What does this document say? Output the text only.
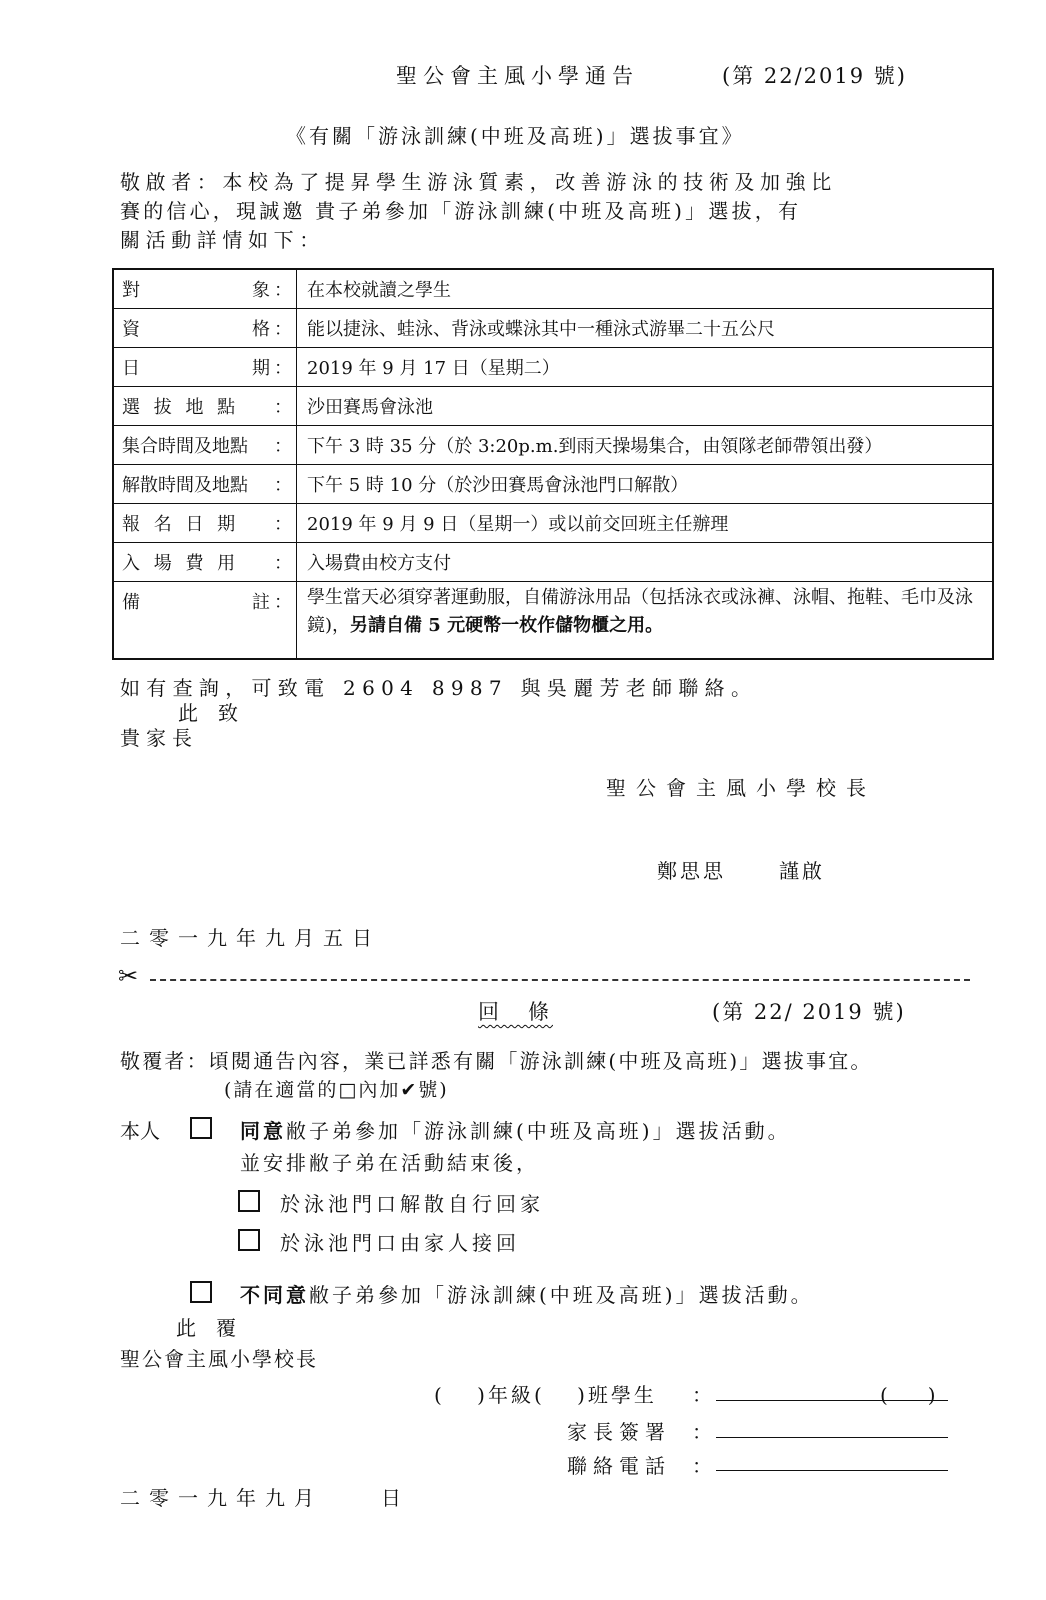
聖公會主風小學通告	(第 22/2019 號)
《有關「游泳訓練(中班及高班)」選拔事宜》
敬啟者：本校為了提昇學生游泳質素，改善游泳的技術及加強比
賽的信心，現誠邀 貴子弟參加「游泳訓練(中班及高班)」選拔，有
關活動詳情如下：
對 象 ：	在本校就讀之學生

資 格 ：	能以捷泳、蛙泳、背泳或蝶泳其中一種泳式游畢二十五公尺

日 期 ：	2019 年 9 月 17 日（星期二）

選 拔 地 點 ：	沙田賽馬會泳池

集合時間及地點 ：	下午 3 時 35 分（於 3:20p.m.到雨天操場集合，由領隊老師帶領出發）

解散時間及地點 ：	下午 5 時 10 分（於沙田賽馬會泳池門口解散）

報 名 日 期 ：	2019 年 9 月 9 日（星期一）或以前交回班主任辦理

入 場 費 用 ：	入場費由校方支付

備 註 ：	學生當天必須穿著運動服，自備游泳用品（包括泳衣或泳褲、泳帽、拖鞋、毛巾及泳鏡)，另請自備 5 元硬幣一枚作儲物櫃之用。
如有查詢，可致電 2604 8987 與吳麗芳老師聯絡。
此　致
貴家長
聖公會主風小學校長
鄭思思	謹啟
二零一九年九月五日
✂
回　條	(第 22/ 2019 號)
敬覆者：頃閱通告內容，業已詳悉有關「游泳訓練(中班及高班)」選拔事宜。
(請在適當的□內加✔號)
本人	同意敝子弟參加「游泳訓練(中班及高班)」選拔活動。
並安排敝子弟在活動結束後，
於泳池門口解散自行回家
於泳池門口由家人接回
不同意敝子弟參加「游泳訓練(中班及高班)」選拔活動。
此　覆
聖公會主風小學校長
(　 )年級(　 )班學生 ：	(　　)
家長簽署 ：
聯絡電話 ：
二零一九年九月　　日
